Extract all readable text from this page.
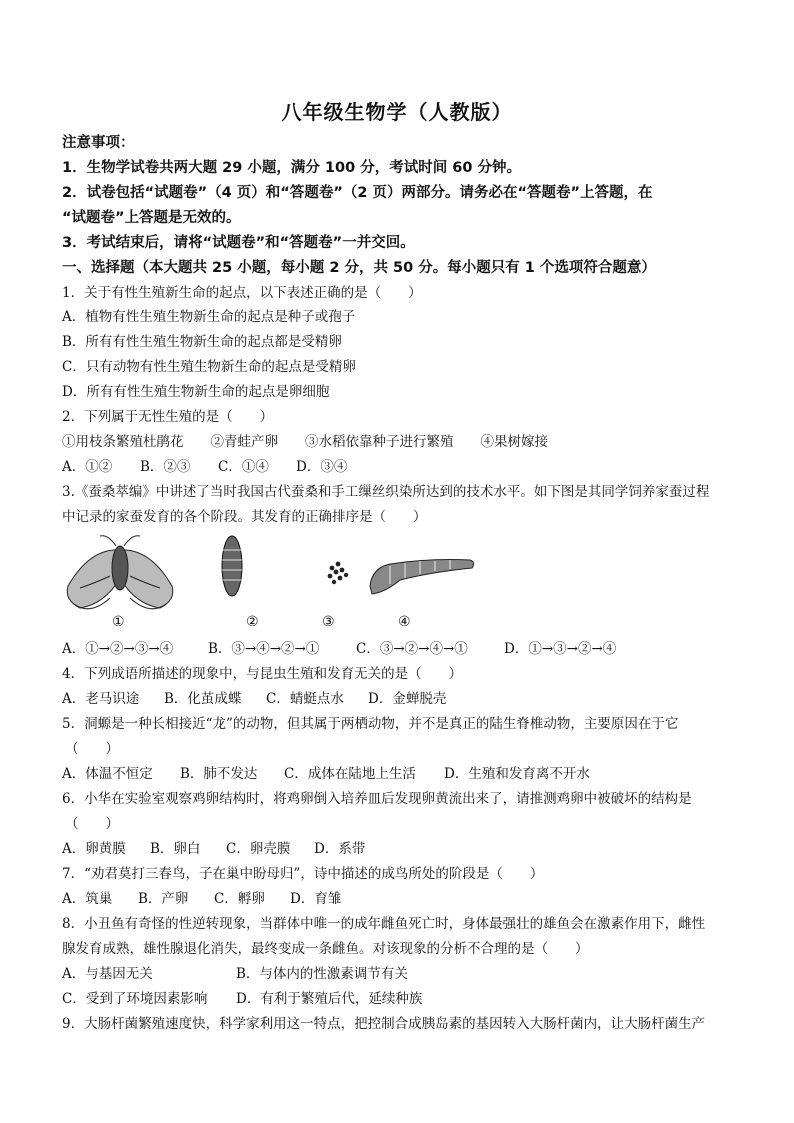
八年级生物学（人教版）
注意事项：
1．生物学试卷共两大题 29 小题，满分 100 分，考试时间 60 分钟。
2．试卷包括“试题卷”（4 页）和“答题卷”（2 页）两部分。请务必在“答题卷”上答题，在
“试题卷”上答题是无效的。
3．考试结束后，请将“试题卷”和“答题卷”一并交回。
一、选择题（本大题共 25 小题，每小题 2 分，共 50 分。每小题只有 1 个选项符合题意）
1．关于有性生殖新生命的起点，以下表述正确的是（　　）
A．植物有性生殖生物新生命的起点是种子或孢子
B．所有有性生殖生物新生命的起点都是受精卵
C．只有动物有性生殖生物新生命的起点是受精卵
D．所有有性生殖生物新生命的起点是卵细胞
2．下列属于无性生殖的是（　　）
①用枝条繁殖杜鹃花　　②青蛙产卵　　③水稻依靠种子进行繁殖　　④果树嫁接
A．①② B．②③ C．①④ D．③④
3.《蚕桑萃编》中讲述了当时我国古代蚕桑和手工缫丝织染所达到的技术水平。如下图是其同学饲养家蚕过程
中记录的家蚕发育的各个阶段。其发育的正确排序是（　　）
①	②	③	④
A．①→②→③→④	B．③→④→②→①	C．③→②→④→①	D．①→③→②→④
4．下列成语所描述的现象中，与昆虫生殖和发育无关的是（　　）
A．老马识途 B．化茧成蝶 C．蜻蜓点水 D．金蝉脱壳
5．洞螈是一种长相接近“龙”的动物，但其属于两栖动物，并不是真正的陆生脊椎动物，主要原因在于它
（　　）
A．体温不恒定 B．肺不发达 C．成体在陆地上生活 D．生殖和发育离不开水
6．小华在实验室观察鸡卵结构时，将鸡卵倒入培养皿后发现卵黄流出来了，请推测鸡卵中被破坏的结构是
（　　）
A．卵黄膜 B．卵白 C．卵壳膜 D．系带
7．“劝君莫打三春鸟，子在巢中盼母归”，诗中描述的成鸟所处的阶段是（　　）
A．筑巢 B．产卵 C．孵卵 D．育雏
8．小丑鱼有奇怪的性逆转现象，当群体中唯一的成年雌鱼死亡时，身体最强壮的雄鱼会在激素作用下，雌性
腺发育成熟，雄性腺退化消失，最终变成一条雌鱼。对该现象的分析不合理的是（　　）
A．与基因无关	B．与体内的性激素调节有关
C．受到了环境因素影响 D．有利于繁殖后代，延续种族
9．大肠杆菌繁殖速度快，科学家利用这一特点，把控制合成胰岛素的基因转入大肠杆菌内，让大肠杆菌生产
